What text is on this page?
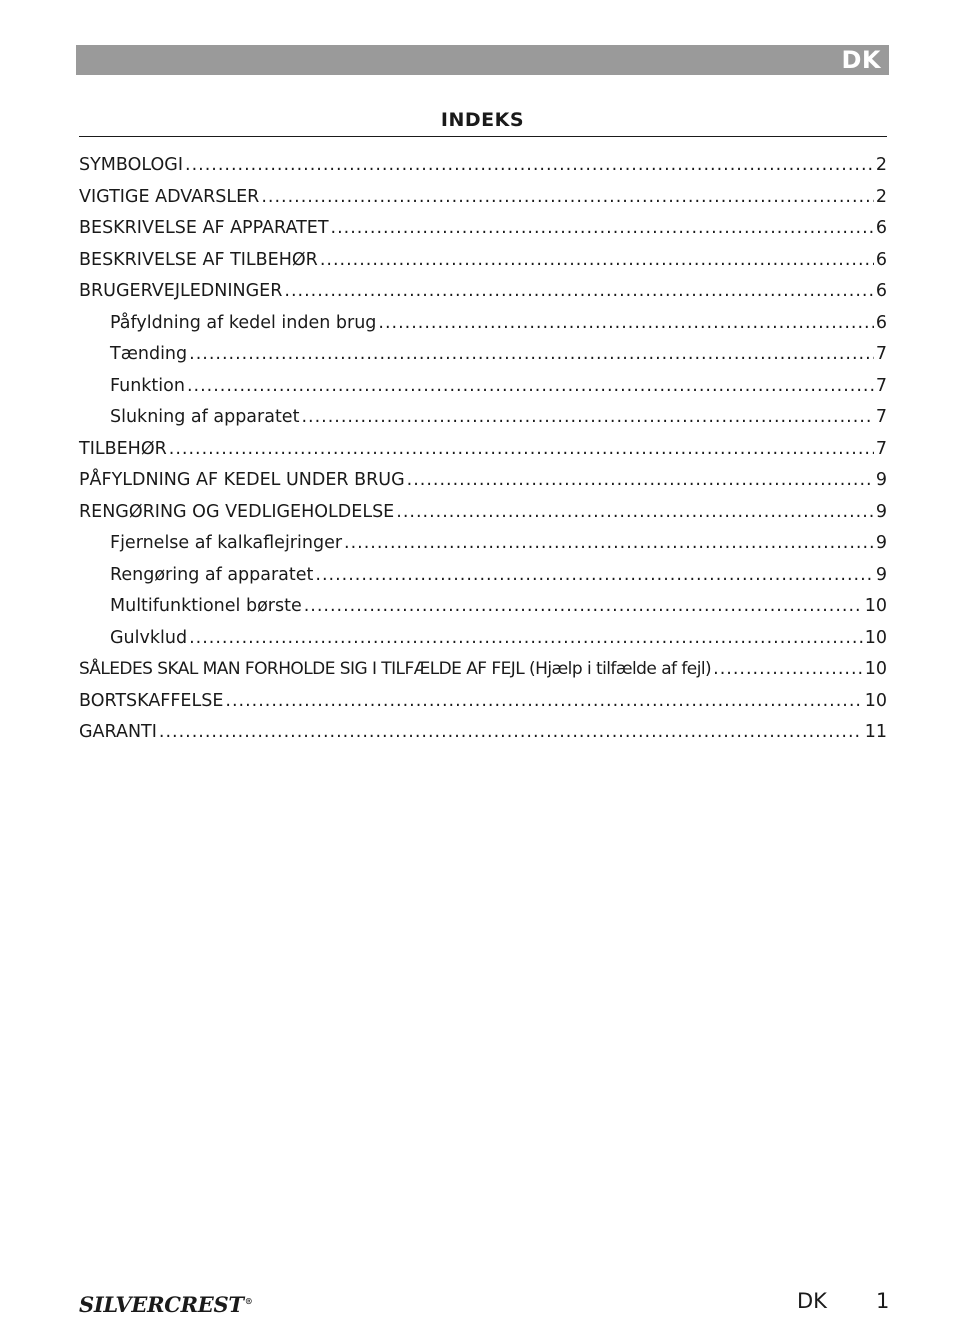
DK
INDEKS
SYMBOLOGI .....	2
VIGTIGE ADVARSLER .....	2
BESKRIVELSE AF APPARATET .....	6
BESKRIVELSE AF TILBEHØR .....	6
BRUGERVEJLEDNINGER .....	6
Påfyldning af kedel inden brug .....	6
Tænding .....	7
Funktion .....	7
Slukning af apparatet .....	7
TILBEHØR .....	7
PÅFYLDNING AF KEDEL UNDER BRUG .....	9
RENGØRING OG VEDLIGEHOLDELSE .....	9
Fjernelse af kalkaflejringer .....	9
Rengøring af apparatet .....	9
Multifunktionel børste .....	10
Gulvklud .....	10
SÅLEDES SKAL MAN FORHOLDE SIG I TILFÆLDE AF FEJL (Hjælp i tilfælde af fejl) .....	10
BORTSKAFFELSE .....	10
GARANTI .....	11
SILVERCREST®	DK 1
